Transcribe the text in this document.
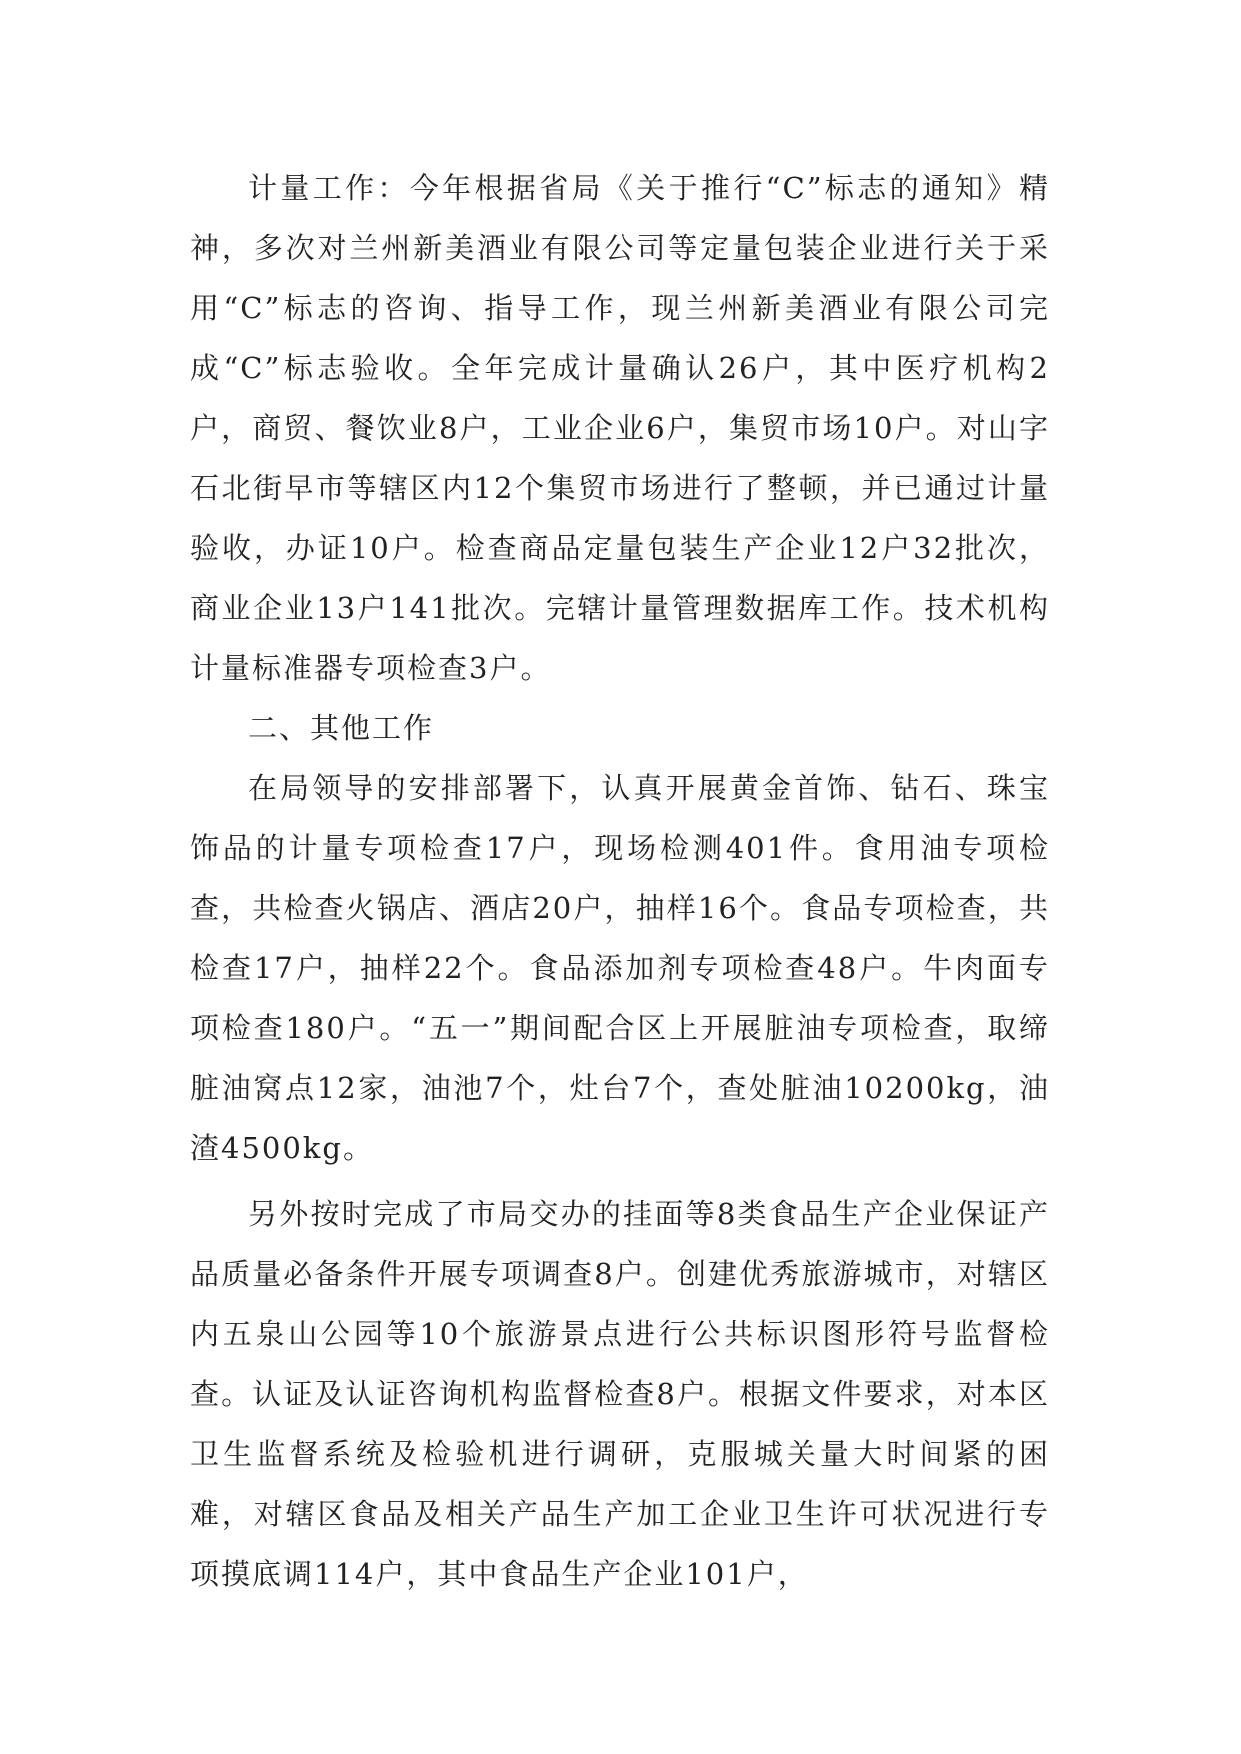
计量工作：今年根据省局《关于推行“C”标志的通知》精神，多次对兰州新美酒业有限公司等定量包装企业进行关于采用“C”标志的咨询、指导工作，现兰州新美酒业有限公司完成“C”标志验收。全年完成计量确认26户，其中医疗机构2户，商贸、餐饮业8户，工业企业6户，集贸市场10户。对山字石北街早市等辖区内12个集贸市场进行了整顿，并已通过计量验收，办证10户。检查商品定量包装生产企业12户32批次，商业企业13户141批次。完辖计量管理数据库工作。技术机构计量标准器专项检查3户。

二、其他工作

在局领导的安排部署下，认真开展黄金首饰、钻石、珠宝饰品的计量专项检查17户，现场检测401件。食用油专项检查，共检查火锅店、酒店20户，抽样16个。食品专项检查，共检查17户，抽样22个。食品添加剂专项检查48户。牛肉面专项检查180户。“五一”期间配合区上开展脏油专项检查，取缔脏油窝点12家，油池7个，灶台7个，查处脏油10200kg，油渣4500kg。

另外按时完成了市局交办的挂面等8类食品生产企业保证产品质量必备条件开展专项调查8户。创建优秀旅游城市，对辖区内五泉山公园等10个旅游景点进行公共标识图形符号监督检查。认证及认证咨询机构监督检查8户。根据文件要求，对本区卫生监督系统及检验机进行调研，克服城关量大时间紧的困难，对辖区食品及相关产品生产加工企业卫生许可状况进行专项摸底调114户，其中食品生产企业101户，
